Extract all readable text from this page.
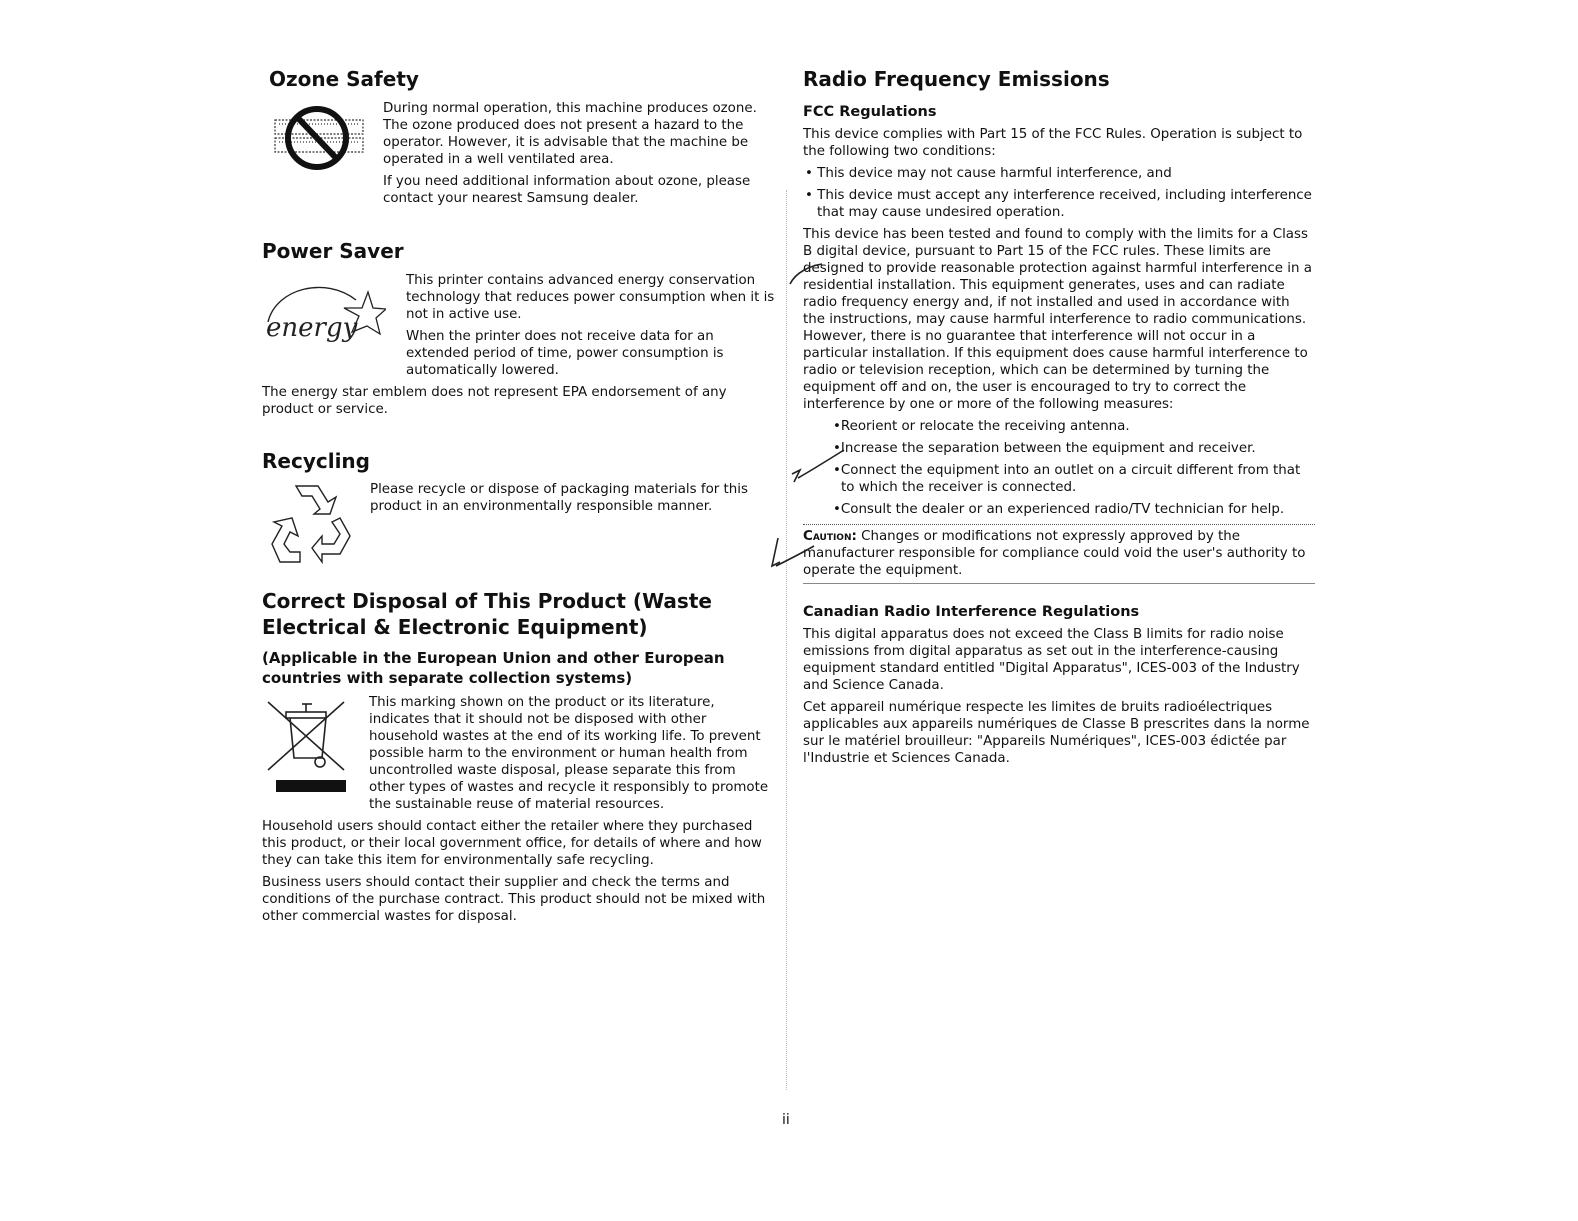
Ozone Safety

During normal operation, this machine produces ozone. The ozone produced does not present a hazard to the operator. However, it is advisable that the machine be operated in a well ventilated area.

If you need additional information about ozone, please contact your nearest Samsung dealer.

Power Saver
energy

This printer contains advanced energy conservation technology that reduces power consumption when it is not in active use.

When the printer does not receive data for an extended period of time, power consumption is automatically lowered.

The energy star emblem does not represent EPA endorsement of any product or service.

Recycling

Please recycle or dispose of packaging materials for this product in an environmentally responsible manner.

Correct Disposal of This Product (Waste Electrical & Electronic Equipment)
(Applicable in the European Union and other European countries with separate collection systems)

This marking shown on the product or its literature, indicates that it should not be disposed with other household wastes at the end of its working life. To prevent possible harm to the environment or human health from uncontrolled waste disposal, please separate this from other types of wastes and recycle it responsibly to promote the sustainable reuse of material resources.

Household users should contact either the retailer where they purchased this product, or their local government office, for details of where and how they can take this item for environmentally safe recycling.

Business users should contact their supplier and check the terms and conditions of the purchase contract. This product should not be mixed with other commercial wastes for disposal.

Radio Frequency Emissions
FCC Regulations

This device complies with Part 15 of the FCC Rules. Operation is subject to the following two conditions:

• This device may not cause harmful interference, and
• This device must accept any interference received, including interference that may cause undesired operation.

This device has been tested and found to comply with the limits for a Class B digital device, pursuant to Part 15 of the FCC rules. These limits are designed to provide reasonable protection against harmful interference in a residential installation. This equipment generates, uses and can radiate radio frequency energy and, if not installed and used in accordance with the instructions, may cause harmful interference to radio communications. However, there is no guarantee that interference will not occur in a particular installation. If this equipment does cause harmful interference to radio or television reception, which can be determined by turning the equipment off and on, the user is encouraged to try to correct the interference by one or more of the following measures:

•Reorient or relocate the receiving antenna.
•Increase the separation between the equipment and receiver.
•Connect the equipment into an outlet on a circuit different from that to which the receiver is connected.
•Consult the dealer or an experienced radio/TV technician for help.
Caution: Changes or modifications not expressly approved by the manufacturer responsible for compliance could void the user's authority to operate the equipment.
Canadian Radio Interference Regulations

This digital apparatus does not exceed the Class B limits for radio noise emissions from digital apparatus as set out in the interference-causing equipment standard entitled "Digital Apparatus", ICES-003 of the Industry and Science Canada.

Cet appareil numérique respecte les limites de bruits radioélectriques applicables aux appareils numériques de Classe B prescrites dans la norme sur le matériel brouilleur: "Appareils Numériques", ICES-003 édictée par l'Industrie et Sciences Canada.

ii
